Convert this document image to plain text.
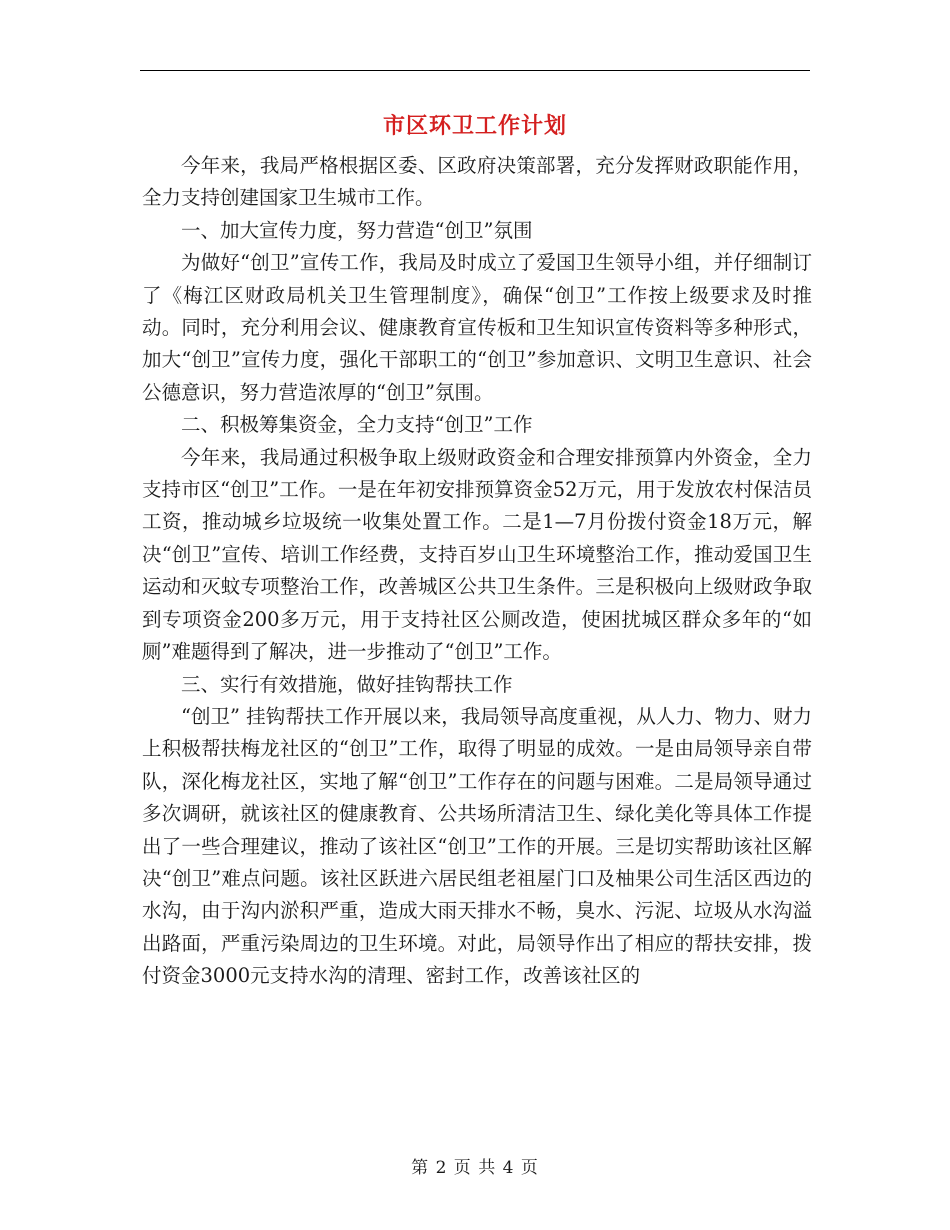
市区环卫工作计划

今年来，我局严格根据区委、区政府决策部署，充分发挥财政职能作用，全力支持创建国家卫生城市工作。

一、加大宣传力度，努力营造“创卫”氛围

为做好“创卫”宣传工作，我局及时成立了爱国卫生领导小组，并仔细制订了《梅江区财政局机关卫生管理制度》，确保“创卫”工作按上级要求及时推动。同时，充分利用会议、健康教育宣传板和卫生知识宣传资料等多种形式，加大“创卫”宣传力度，强化干部职工的“创卫”参加意识、文明卫生意识、社会公德意识，努力营造浓厚的“创卫”氛围。

二、积极筹集资金，全力支持“创卫”工作

今年来，我局通过积极争取上级财政资金和合理安排预算内外资金，全力支持市区“创卫”工作。一是在年初安排预算资金52万元，用于发放农村保洁员工资，推动城乡垃圾统一收集处置工作。二是1—7月份拨付资金18万元，解决“创卫”宣传、培训工作经费，支持百岁山卫生环境整治工作，推动爱国卫生运动和灭蚊专项整治工作，改善城区公共卫生条件。三是积极向上级财政争取到专项资金200多万元，用于支持社区公厕改造，使困扰城区群众多年的“如厕”难题得到了解决，进一步推动了“创卫”工作。

三、实行有效措施，做好挂钩帮扶工作

“创卫” 挂钩帮扶工作开展以来，我局领导高度重视，从人力、物力、财力上积极帮扶梅龙社区的“创卫”工作，取得了明显的成效。一是由局领导亲自带队，深化梅龙社区，实地了解“创卫”工作存在的问题与困难。二是局领导通过多次调研，就该社区的健康教育、公共场所清洁卫生、绿化美化等具体工作提出了一些合理建议，推动了该社区“创卫”工作的开展。三是切实帮助该社区解决“创卫”难点问题。该社区跃进六居民组老祖屋门口及柚果公司生活区西边的水沟，由于沟内淤积严重，造成大雨天排水不畅，臭水、污泥、垃圾从水沟溢出路面，严重污染周边的卫生环境。对此，局领导作出了相应的帮扶安排，拨付资金3000元支持水沟的清理、密封工作，改善该社区的

第 2 页 共 4 页
